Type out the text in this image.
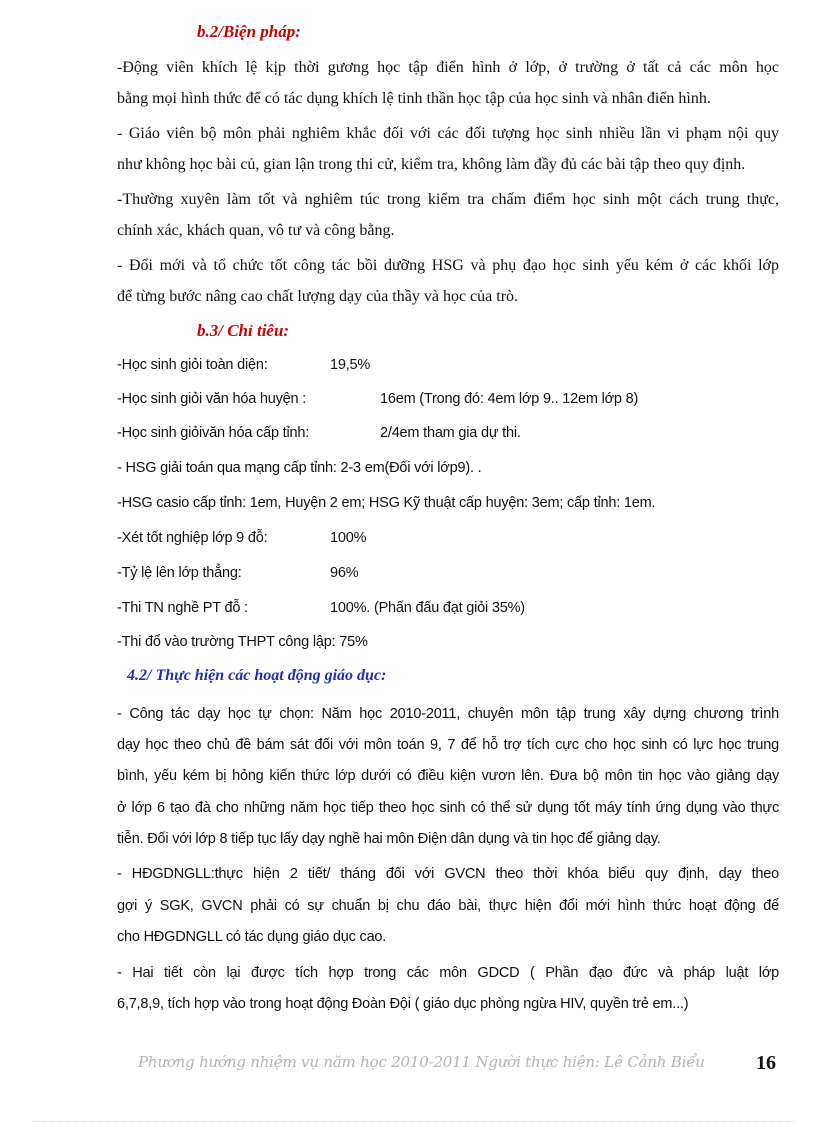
b.2/Biện pháp:
-Động viên khích lệ kịp thời gương học tập điển hình ở lớp, ở trường ở tất cả các môn học
bằng mọi hình thức để có tác dụng khích lệ tinh thần học tập của học sinh và nhân điển hình.
- Giáo viên bộ môn phải nghiêm khắc đối với các đối tượng học sinh nhiều lần vi phạm nội quy
như không học bài củ, gian lận trong thi cử, kiểm tra, không làm đầy đủ các bài tập theo quy định.
-Thường xuyên làm tốt và nghiêm túc trong kiểm tra chấm điểm học sinh một cách trung thực,
chính xác, khách quan, vô tư và công bằng.
- Đổi mới và tổ chức tốt công tác bồi dưỡng HSG và phụ đạo học sinh yếu kém ở các khối lớp
để từng bước nâng cao chất lượng dạy của thầy và học của trò.
b.3/ Chỉ tiêu:
-Học sinh giỏi toàn diện:	19,5%
-Học sinh giỏi văn hóa huyện :	16em (Trong đó: 4em lớp 9.. 12em lớp 8)
-Học sinh giỏivăn hóa cấp tỉnh:	2/4em tham gia dự thi.
- HSG giải toán qua mạng cấp tỉnh: 2-3 em(Đối với lớp9). .
-HSG casio cấp tỉnh: 1em, Huyện 2 em; HSG Kỹ thuật cấp huyện: 3em; cấp tỉnh: 1em.
-Xét tốt nghiệp lớp 9 đỗ:	100%
-Tỷ lệ lên lớp thẳng:	96%
-Thi TN nghề PT đỗ :	100%. (Phấn đấu đạt giỏi 35%)
-Thi đổ vào trường THPT công lập: 75%
4.2/ Thực hiện các hoạt động giáo dục:
- Công tác dạy học tự chọn: Năm học 2010-2011, chuyên môn tập trung xây dựng chương trình
dạy học theo chủ đề bám sát đối với môn toán 9, 7 để hỗ trợ tích cực cho học sinh có lực học trung
bình, yếu kém bị hỏng kiến thức lớp dưới có điều kiện vươn lên. Đưa bộ môn tin học vào giảng dạy
ở lớp 6 tạo đà cho những năm học tiếp theo học sinh có thể sử dụng tốt máy tính ứng dụng vào thực
tiễn. Đối với lớp 8 tiếp tục lấy dạy nghề hai môn Điện dân dụng và tin học để giảng dạy.
- HĐGDNGLL:thực hiện 2 tiết/ tháng đối với GVCN theo thời khóa biểu quy định, dạy theo
gợi ý SGK, GVCN phải có sự chuẩn bị chu đáo bài, thực hiện đổi mới hình thức hoạt động để
cho HĐGDNGLL có tác dụng giáo dục cao.
- Hai tiết còn lại được tích hợp trong các môn GDCD ( Phần đạo đức và pháp luật lớp
6,7,8,9, tích hợp vào trong hoạt động Đoàn Đội ( giáo dục phòng ngừa HIV, quyền trẻ em...)
Phương hướng nhiệm vụ năm học 2010-2011 Người thực hiện: Lê Cảnh Biểu	16
